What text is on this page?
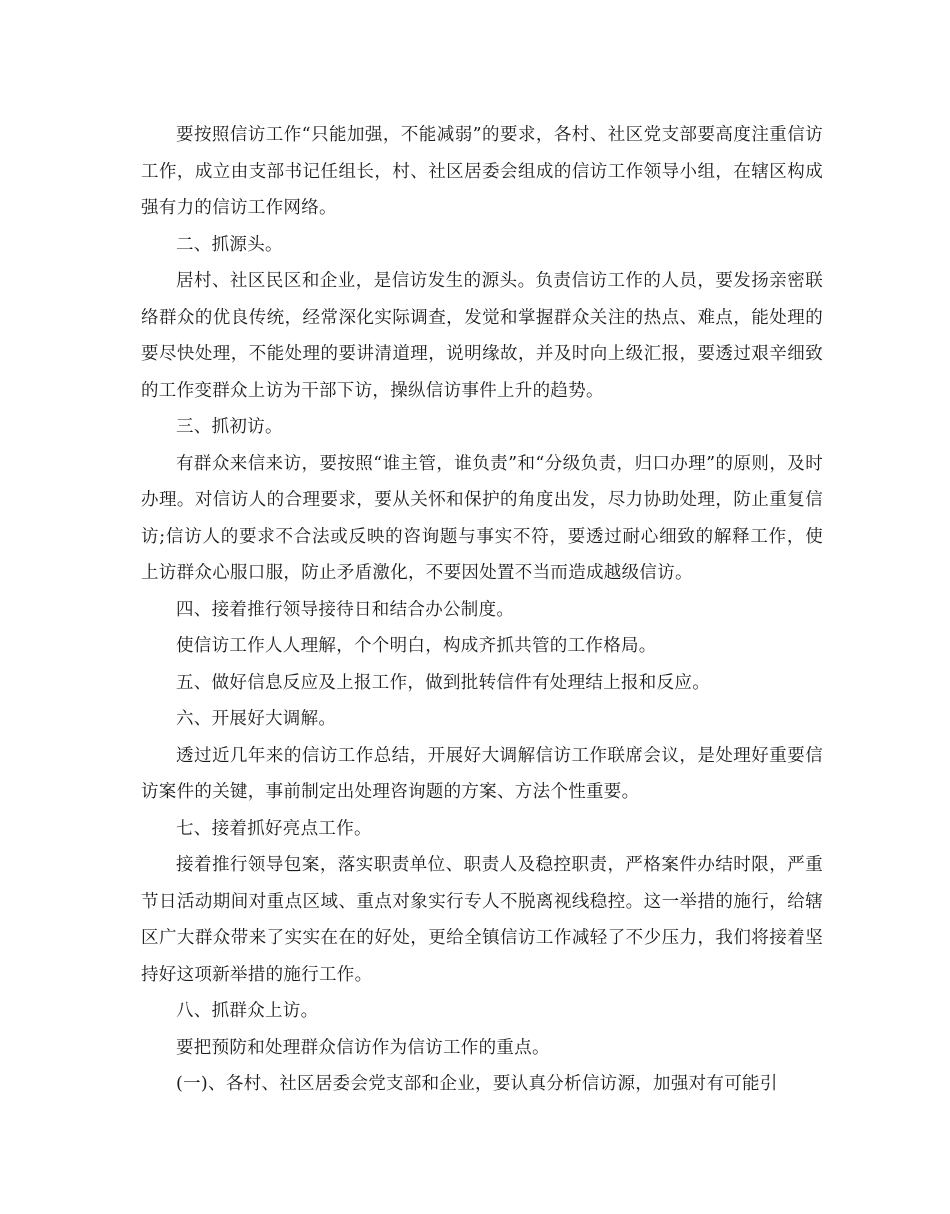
要按照信访工作“只能加强，不能减弱”的要求，各村、社区党支部要高度注重信访工作，成立由支部书记任组长，村、社区居委会组成的信访工作领导小组，在辖区构成强有力的信访工作网络。

二、抓源头。

居村、社区民区和企业，是信访发生的源头。负责信访工作的人员，要发扬亲密联络群众的优良传统，经常深化实际调查，发觉和掌握群众关注的热点、难点，能处理的要尽快处理，不能处理的要讲清道理，说明缘故，并及时向上级汇报，要透过艰辛细致的工作变群众上访为干部下访，操纵信访事件上升的趋势。

三、抓初访。

有群众来信来访，要按照“谁主管，谁负责”和“分级负责，归口办理”的原则，及时办理。对信访人的合理要求，要从关怀和保护的角度出发，尽力协助处理，防止重复信访;信访人的要求不合法或反映的咨询题与事实不符，要透过耐心细致的解释工作，使上访群众心服口服，防止矛盾激化，不要因处置不当而造成越级信访。

四、接着推行领导接待日和结合办公制度。

使信访工作人人理解，个个明白，构成齐抓共管的工作格局。

五、做好信息反应及上报工作，做到批转信件有处理结上报和反应。

六、开展好大调解。

透过近几年来的信访工作总结，开展好大调解信访工作联席会议，是处理好重要信访案件的关键，事前制定出处理咨询题的方案、方法个性重要。

七、接着抓好亮点工作。

接着推行领导包案，落实职责单位、职责人及稳控职责，严格案件办结时限，严重节日活动期间对重点区域、重点对象实行专人不脱离视线稳控。这一举措的施行，给辖区广大群众带来了实实在在的好处，更给全镇信访工作减轻了不少压力，我们将接着坚持好这项新举措的施行工作。

八、抓群众上访。

要把预防和处理群众信访作为信访工作的重点。

(一)、各村、社区居委会党支部和企业，要认真分析信访源，加强对有可能引
